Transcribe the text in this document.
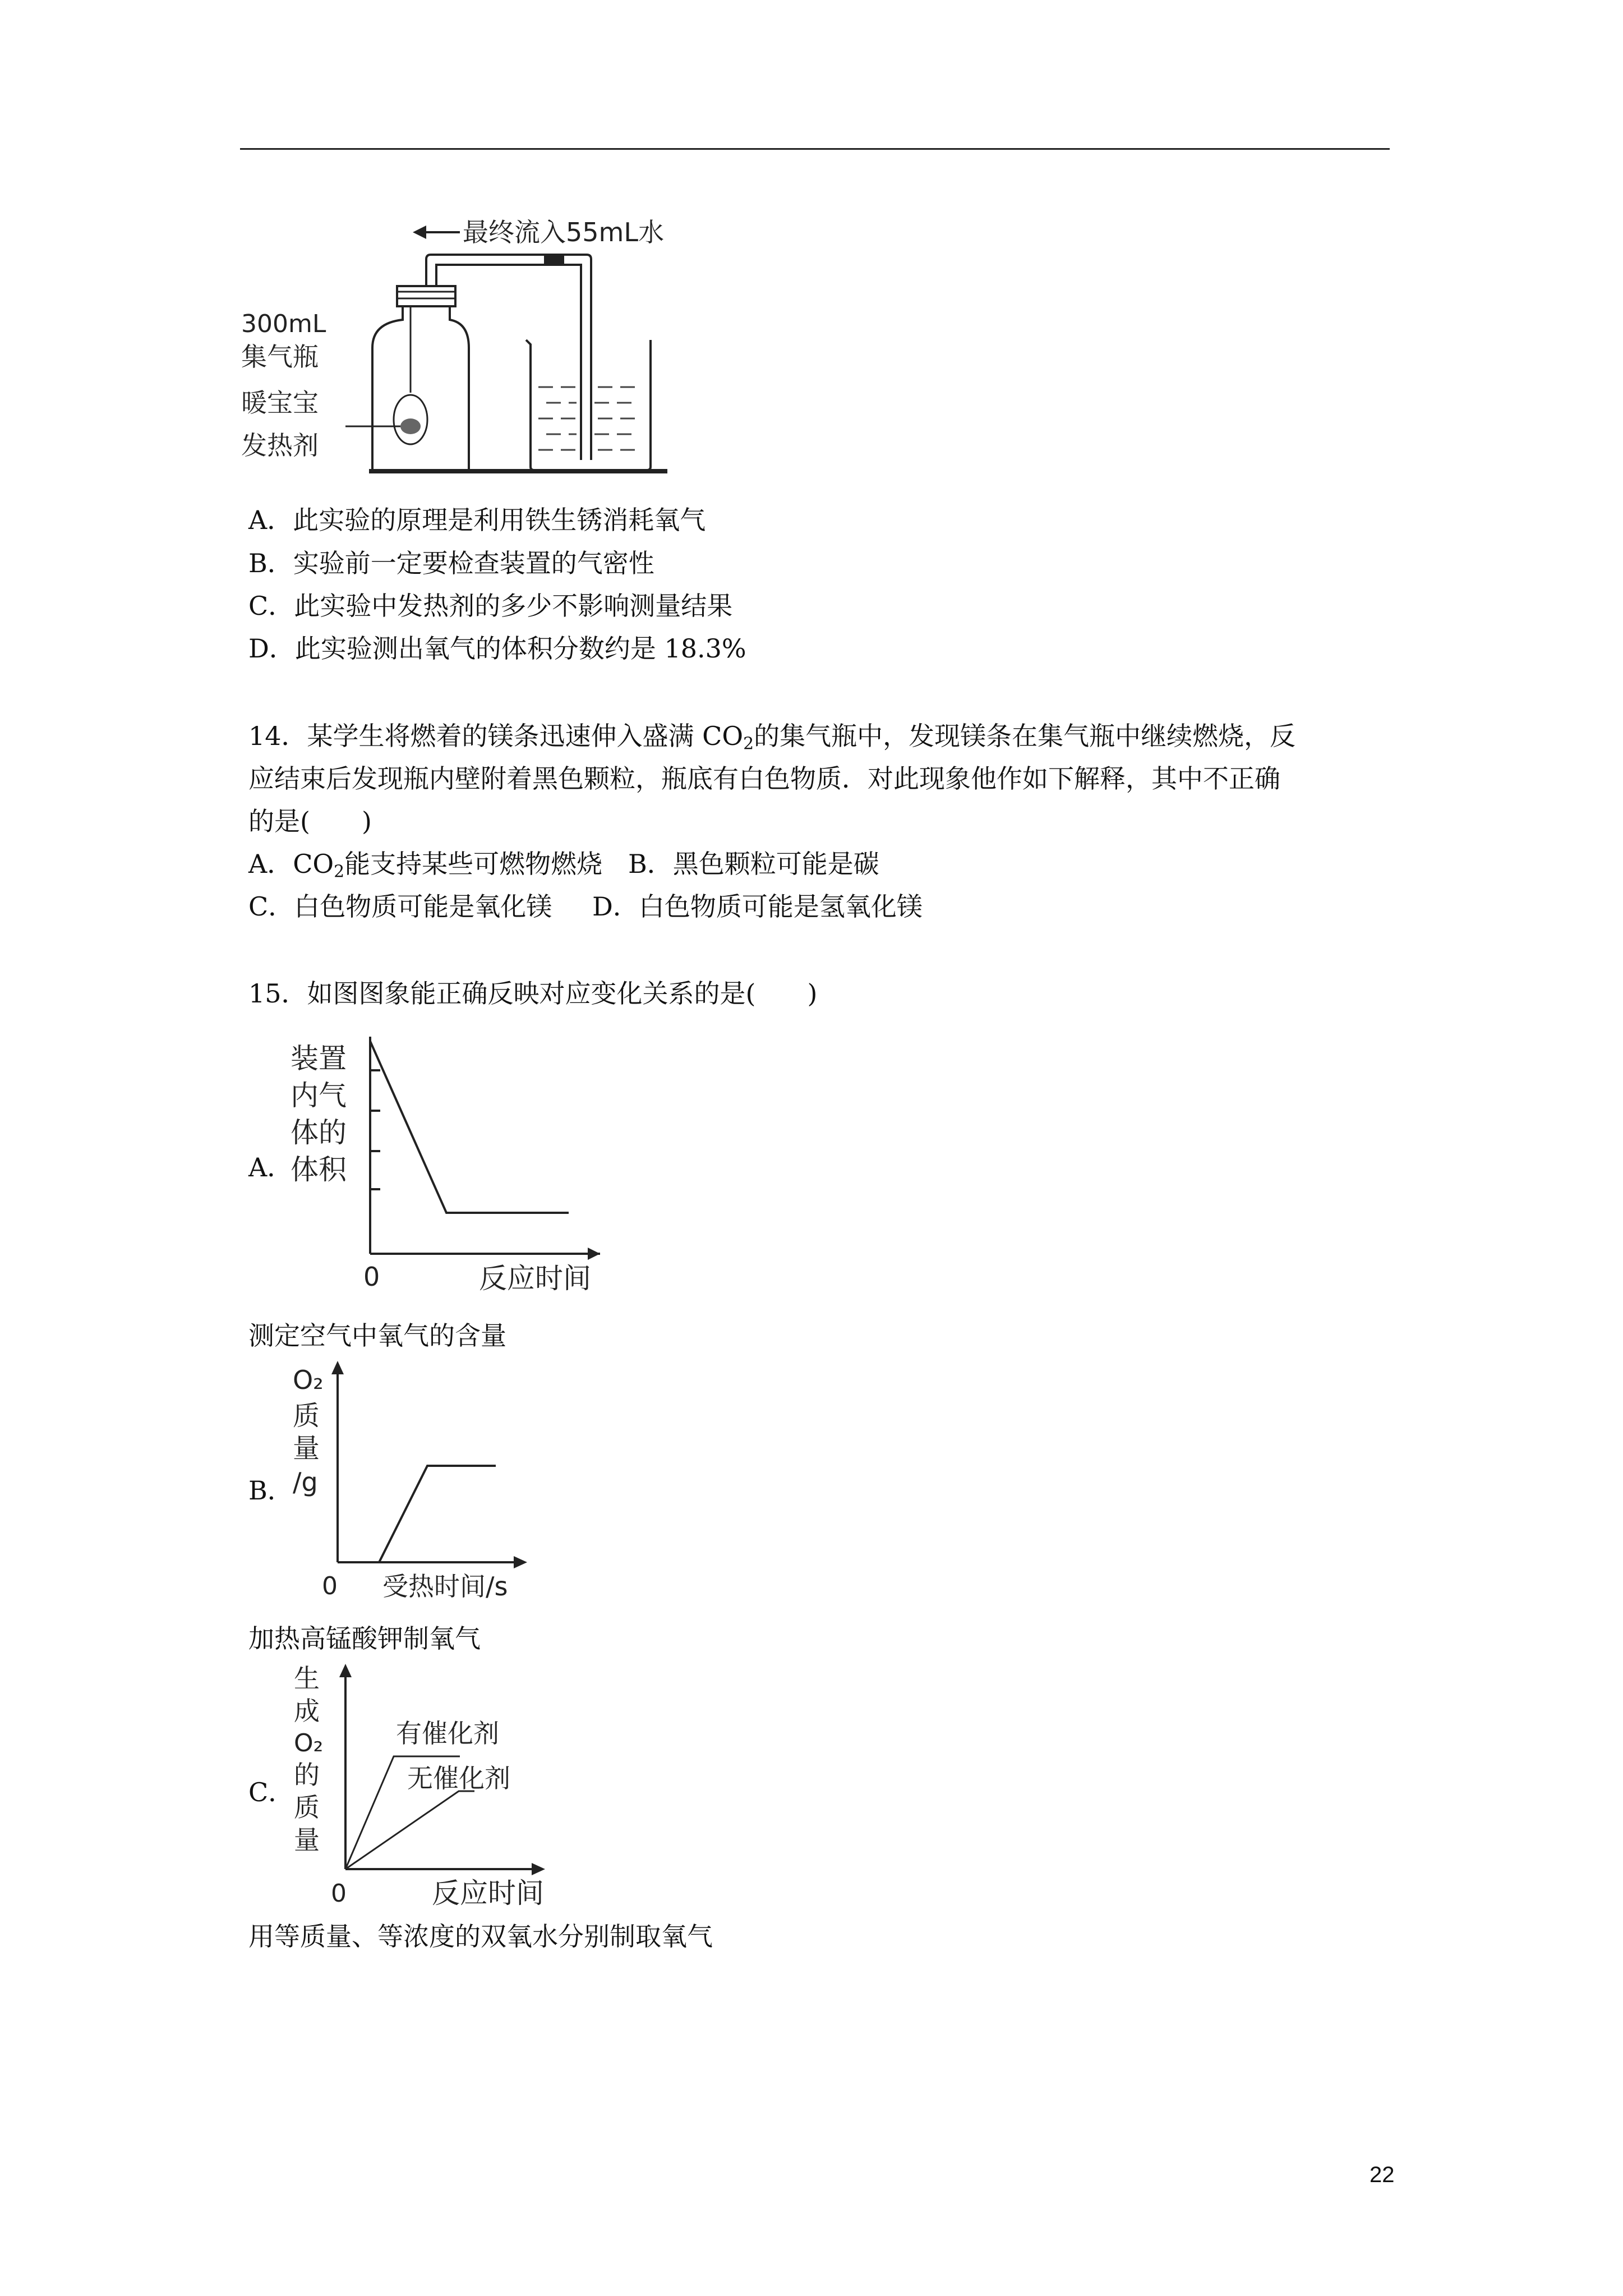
最终流入55mL水
300mL
集气瓶
暖宝宝
发热剂
A．此实验的原理是利用铁生锈消耗氧气
B．实验前一定要检查装置的气密性
C．此实验中发热剂的多少不影响测量结果
D．此实验测出氧气的体积分数约是 18.3%
14．某学生将燃着的镁条迅速伸入盛满 $CO_2$的集气瓶中，发现镁条在集气瓶中继续燃烧，反
应结束后发现瓶内壁附着黑色颗粒，瓶底有白色物质．对此现象他作如下解释，其中不正确
的是(　　)
A．$CO_2$能支持某些可燃物燃烧 B．黑色颗粒可能是碳
C．白色物质可能是氧化镁 D．白色物质可能是氢氧化镁
15．如图图象能正确反映对应变化关系的是(　　)
A．
装置
内气
体的
体积
0	反应时间
测定空气中氧气的含量
B．
O₂
质
量
/g
0 受热时间/s
加热高锰酸钾制氧气
C．
生
成
O₂
的
质
量
有催化剂
无催化剂
0	反应时间
用等质量、等浓度的双氧水分别制取氧气
22
